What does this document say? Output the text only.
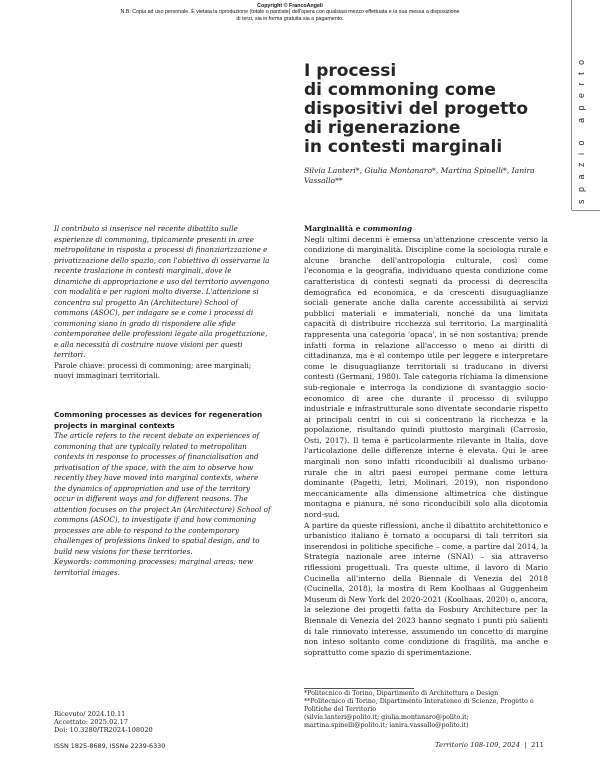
Copyright © FrancoAngeli
N.B: Copia ad uso personale. È vietata la riproduzione (totale o parziale) dell'opera con qualsiasi mezzo effettuata e la sua messa a disposizione di terzi, sia in forma gratuita sia a pagamento.
spazio aperto
I processi
di commoning come
dispositivi del progetto
di rigenerazione
in contesti marginali
Silvia Lanteri*, Giulia Montanaro*, Martina Spinelli*, Ianira Vassallo**
Il contributo si inserisce nel recente dibattito sulle esperienze di commoning, tipicamente presenti in aree metropolitane in risposta a processi di finanziarizzazione e privatizzazione dello spazio, con l'obiettivo di osservarne la recente traslazione in contesti marginali, dove le dinamiche di appropriazione e uso del territorio avvengono con modalità e per ragioni molto diverse. L'attenzione si concentra sul progetto An (Architecture) School of commons (ASOC), per indagare se e come i processi di commoning siano in grado di rispondere alle sfide contemporanee delle professioni legate alla progettazione, e alla necessità di costruire nuove visioni per questi territori.
Parole chiave: processi di commoning; aree marginali; nuovi immaginari territoriali.
Commoning processes as devices for regeneration projects in marginal contexts
The article refers to the recent debate on experiences of commoning that are typically related to metropolitan contexts in response to processes of financialisation and privatisation of the space, with the aim to observe how recently they have moved into marginal contexts, where the dynamics of appropriation and use of the territory occur in different ways and for different reasons. The attention focuses on the project An (Architecture) School of commons (ASOC), to investigate if and how commoning processes are able to respond to the contemporary challenges of professions linked to spatial design, and to build new visions for these territories.
Keywords: commoning processes; marginal areas; new territorial images.
Marginalità e commoning

Negli ultimi decenni è emersa un'attenzione crescente verso la condizione di marginalità. Discipline come la sociologia rurale e alcune branche dell'antropologia culturale, così come l'economia e la geografia, individuano questa condizione come caratteristica di contesti segnati da processi di decrescita demografica ed economica, e da crescenti disuguaglianze sociali generate anche dalla carente accessibilità ai servizi pubblici materiali e immateriali, nonché da una limitata capacità di distribuire ricchezza sul territorio. La marginalità rappresenta una categoria 'opaca', in sé non sostantiva; prende infatti forma in relazione all'accesso o meno ai diritti di cittadinanza, ma è al contempo utile per leggere e interpretare come le disuguaglianze territoriali si traducano in diversi contesti (Germani, 1980). Tale categoria richiama la dimensione sub-regionale e interroga la condizione di svantaggio socio-economico di aree che durante il processo di sviluppo industriale e infrastrutturale sono diventate secondarie rispetto ai principali centri in cui si concentrano la ricchezza e la popolazione, risultando quindi piuttosto marginali (Carrosio, Osti, 2017). Il tema è particolarmente rilevante in Italia, dove l'articolazione delle differenze interne è elevata. Qui le aree marginali non sono infatti riconducibili al dualismo urbano-rurale che in altri paesi europei permane come lettura dominante (Pagetti, Ietri, Molinari, 2019), non rispondono meccanicamente alla dimensione altimetrica che distingue montagna e pianura, né sono riconducibili solo alla dicotomia nord-sud.

A partire da queste riflessioni, anche il dibattito architettonico e urbanistico italiano è tornato a occuparsi di tali territori sia inserendosi in politiche specifiche – come, a partire dal 2014, la Strategia nazionale aree interne (SNAI) – sia attraverso riflessioni progettuali. Tra queste ultime, il lavoro di Mario Cucinella all'interno della Biennale di Venezia del 2018 (Cucinella, 2018), la mostra di Rem Koolhaas al Guggenheim Museum di New York del 2020-2021 (Koolhaas, 2020) o, ancora, la selezione dei progetti fatta da Fosbury Architecture per la Biennale di Venezia del 2023 hanno segnato i punti più salienti di tale rinnovato interesse, assumendo un concetto di margine non inteso soltanto come condizione di fragilità, ma anche e soprattutto come spazio di sperimentazione.

*Politecnico di Torino, Dipartimento di Architettura e Design
**Politecnico di Torino, Dipartimento Interateneo di Scienze, Progetto e Politiche del Territorio
(silvia.lanteri@polito.it; giulia.montanaro@polito.it; martina.spinelli@polito.it; ianira.vassallo@polito.it)
Ricevuto/ 2024.10.11
Accettato: 2025.02.17
Doi: 10.3280/TR2024-108020
ISSN 1825-8689, ISSNe 2239-6330	Territorio 108-109, 2024 | 211
